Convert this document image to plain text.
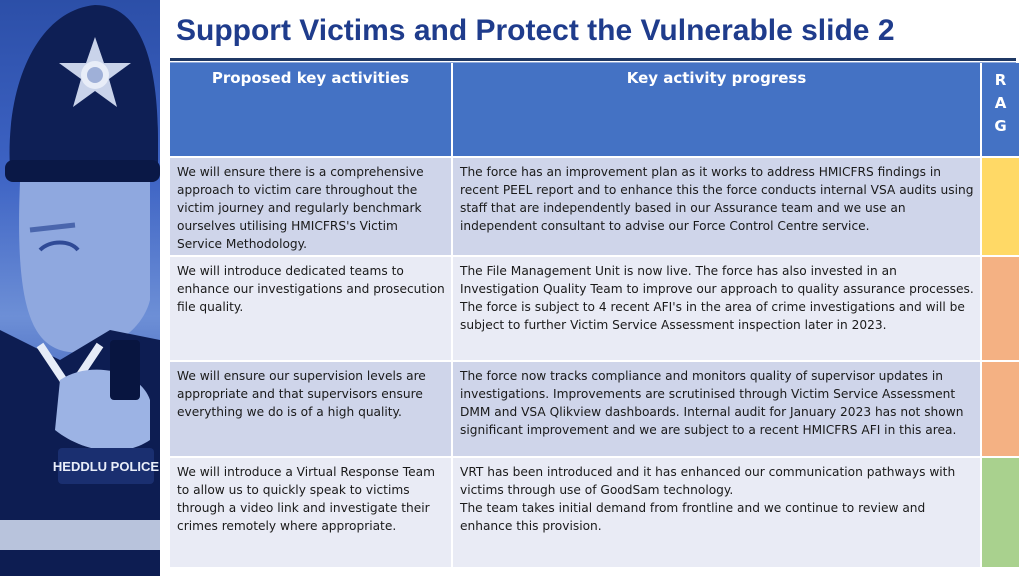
HEDDLU POLICE
Support Victims and Protect the Vulnerable slide 2
Proposed key activities	Key activity progress	R
A
G
We will ensure there is a comprehensive approach to victim care throughout the victim journey and regularly benchmark ourselves utilising HMICFRS's Victim Service Methodology.
The force has an improvement plan as it works to address HMICFRS findings in recent PEEL report and to enhance this the force conducts internal VSA audits using staff that are independently based in our Assurance team and we use an independent consultant to advise our Force Control Centre service.
We will introduce dedicated teams to enhance our investigations and prosecution file quality.
The File Management Unit is now live. The force has also invested in an Investigation Quality Team to improve our approach to quality assurance processes. The force is subject to 4 recent AFI's in the area of crime investigations and will be subject to further Victim Service Assessment inspection later in 2023.
We will ensure our supervision levels are appropriate and that supervisors ensure everything we do is of a high quality.
The force now tracks compliance and monitors quality of supervisor updates in investigations. Improvements are scrutinised through Victim Service Assessment DMM and VSA Qlikview dashboards. Internal audit for January 2023 has not shown significant improvement and we are subject to a recent HMICFRS AFI in this area.
We will introduce a Virtual Response Team to allow us to quickly speak to victims through a video link and investigate their crimes remotely where appropriate.
VRT has been introduced and it has enhanced our communication pathways with victims through use of GoodSam technology.
The team takes initial demand from frontline and we continue to review and enhance this provision.
